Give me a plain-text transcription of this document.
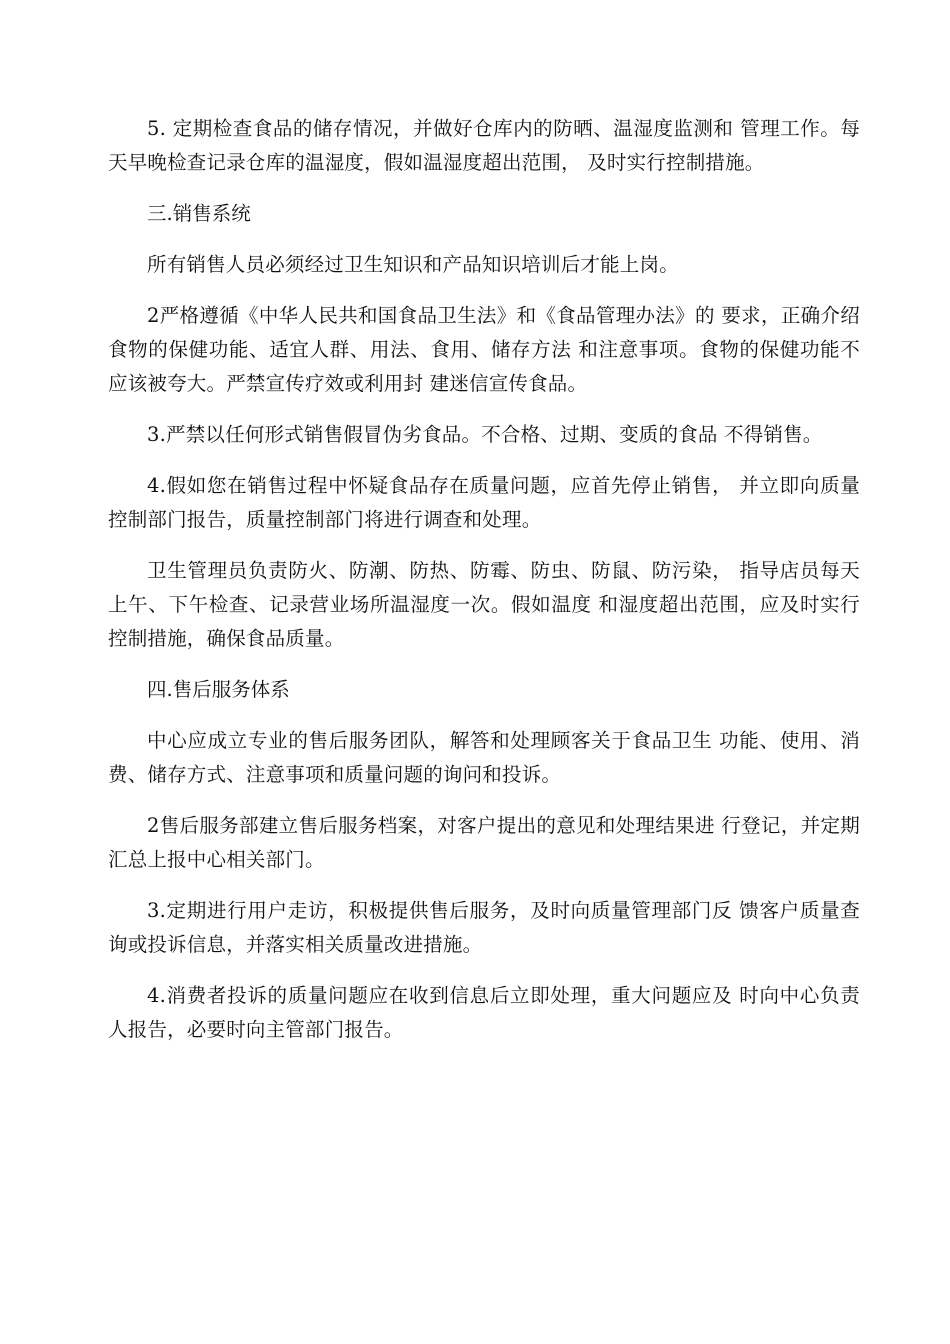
5. 定期检查食品的储存情况，并做好仓库内的防晒、温湿度监测和 管理工作。每天早晚检查记录仓库的温湿度，假如温湿度超出范围， 及时实行控制措施。

三.销售系统

所有销售人员必须经过卫生知识和产品知识培训后才能上岗。

2严格遵循《中华人民共和国食品卫生法》和《食品管理办法》的 要求，正确介绍食物的保健功能、适宜人群、用法、食用、储存方法 和注意事项。食物的保健功能不应该被夸大。严禁宣传疗效或利用封 建迷信宣传食品。

3.严禁以任何形式销售假冒伪劣食品。不合格、过期、变质的食品 不得销售。

4.假如您在销售过程中怀疑食品存在质量问题，应首先停止销售， 并立即向质量控制部门报告，质量控制部门将进行调查和处理。

卫生管理员负责防火、防潮、防热、防霉、防虫、防鼠、防污染， 指导店员每天上午、下午检查、记录营业场所温湿度一次。假如温度 和湿度超出范围，应及时实行控制措施，确保食品质量。

四.售后服务体系

中心应成立专业的售后服务团队，解答和处理顾客关于食品卫生 功能、使用、消费、储存方式、注意事项和质量问题的询问和投诉。

2售后服务部建立售后服务档案，对客户提出的意见和处理结果进 行登记，并定期汇总上报中心相关部门。

3.定期进行用户走访，积极提供售后服务，及时向质量管理部门反 馈客户质量查询或投诉信息，并落实相关质量改进措施。

4.消费者投诉的质量问题应在收到信息后立即处理，重大问题应及 时向中心负责人报告，必要时向主管部门报告。
